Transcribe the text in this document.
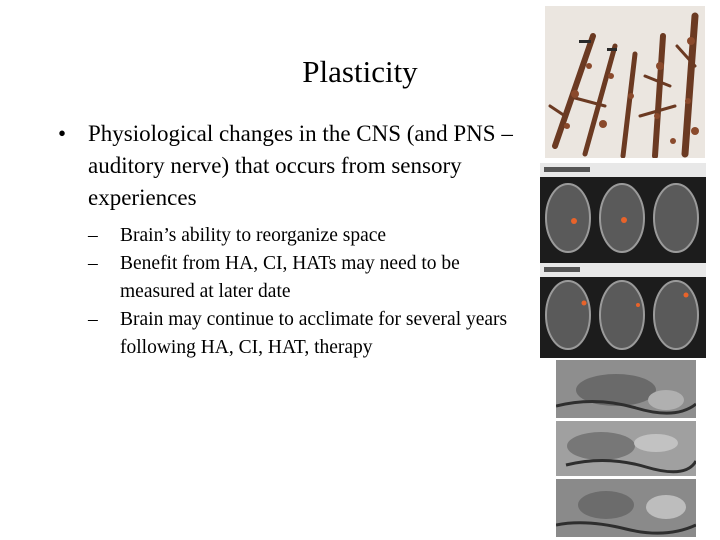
Plasticity
• Physiological changes in the CNS (and PNS – auditory nerve) that occurs from sensory experiences
– Brain’s ability to reorganize space
– Benefit from HA, CI, HATs may need to be measured at later date
– Brain may continue to acclimate for several years following HA, CI, HAT, therapy
